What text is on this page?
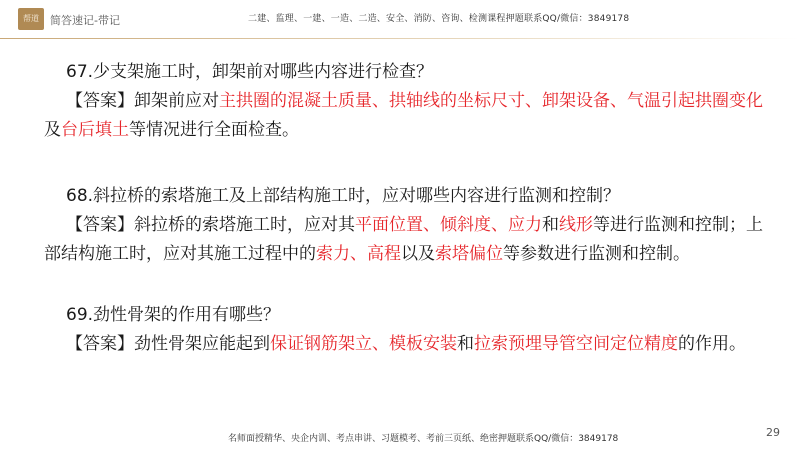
帮道	简答速记-带记	二建、监理、一建、一造、二造、安全、消防、咨询、检测课程押题联系QQ/微信：3849178

67.少支架施工时，卸架前对哪些内容进行检查？

【答案】卸架前应对主拱圈的混凝土质量、拱轴线的坐标尺寸、卸架设备、气温引起拱圈变化及台后填土等情况进行全面检查。

68.斜拉桥的索塔施工及上部结构施工时，应对哪些内容进行监测和控制？

【答案】斜拉桥的索塔施工时，应对其平面位置、倾斜度、应力和线形等进行监测和控制；上部结构施工时，应对其施工过程中的索力、高程以及索塔偏位等参数进行监测和控制。

69.劲性骨架的作用有哪些？

【答案】劲性骨架应能起到保证钢筋架立、模板安装和拉索预埋导管空间定位精度的作用。

名师面授精华、央企内训、考点串讲、习题模考、考前三页纸、绝密押题联系QQ/微信：3849178	29
